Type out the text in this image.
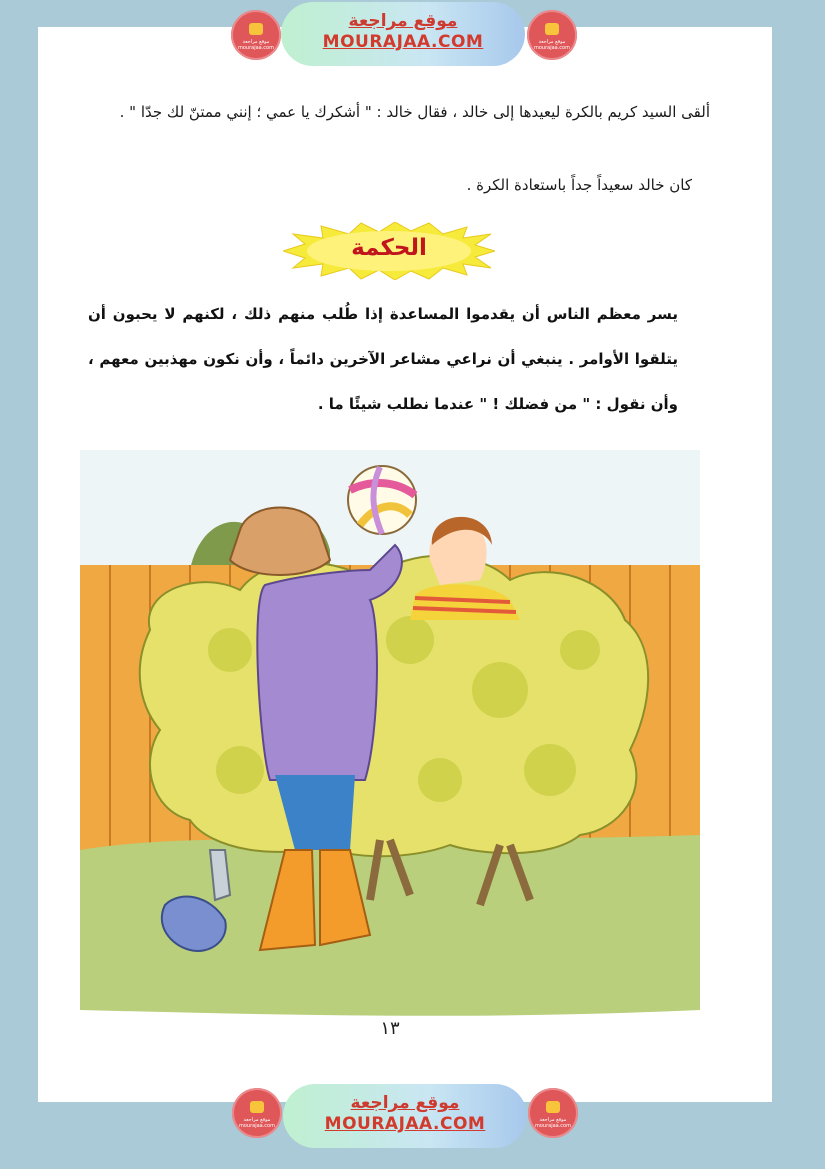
موقع مراجعة mourajaa.com
موقع مراجعة
MOURAJAA.COM	موقع مراجعة mourajaa.com
ألقى السيد كريم بالكرة ليعيدها إلى خالد ، فقال خالد : " أشكرك يا عمي ؛ إنني ممتنّ لك جدّا " .
كان خالد سعيداً جداً باستعادة الكرة .
الحكمة
يسر معظم الناس أن يقدموا المساعدة إذا طُلب منهم ذلك ، لكنهم لا يحبون أن يتلقوا الأوامر . ينبغي أن نراعي مشاعر الآخرين دائماً ، وأن نكون مهذبين معهم ، وأن نقول : " من فضلك ! " عندما نطلب شيئًا ما .
١٣
موقع مراجعة mourajaa.com
موقع مراجعة
MOURAJAA.COM	موقع مراجعة mourajaa.com
